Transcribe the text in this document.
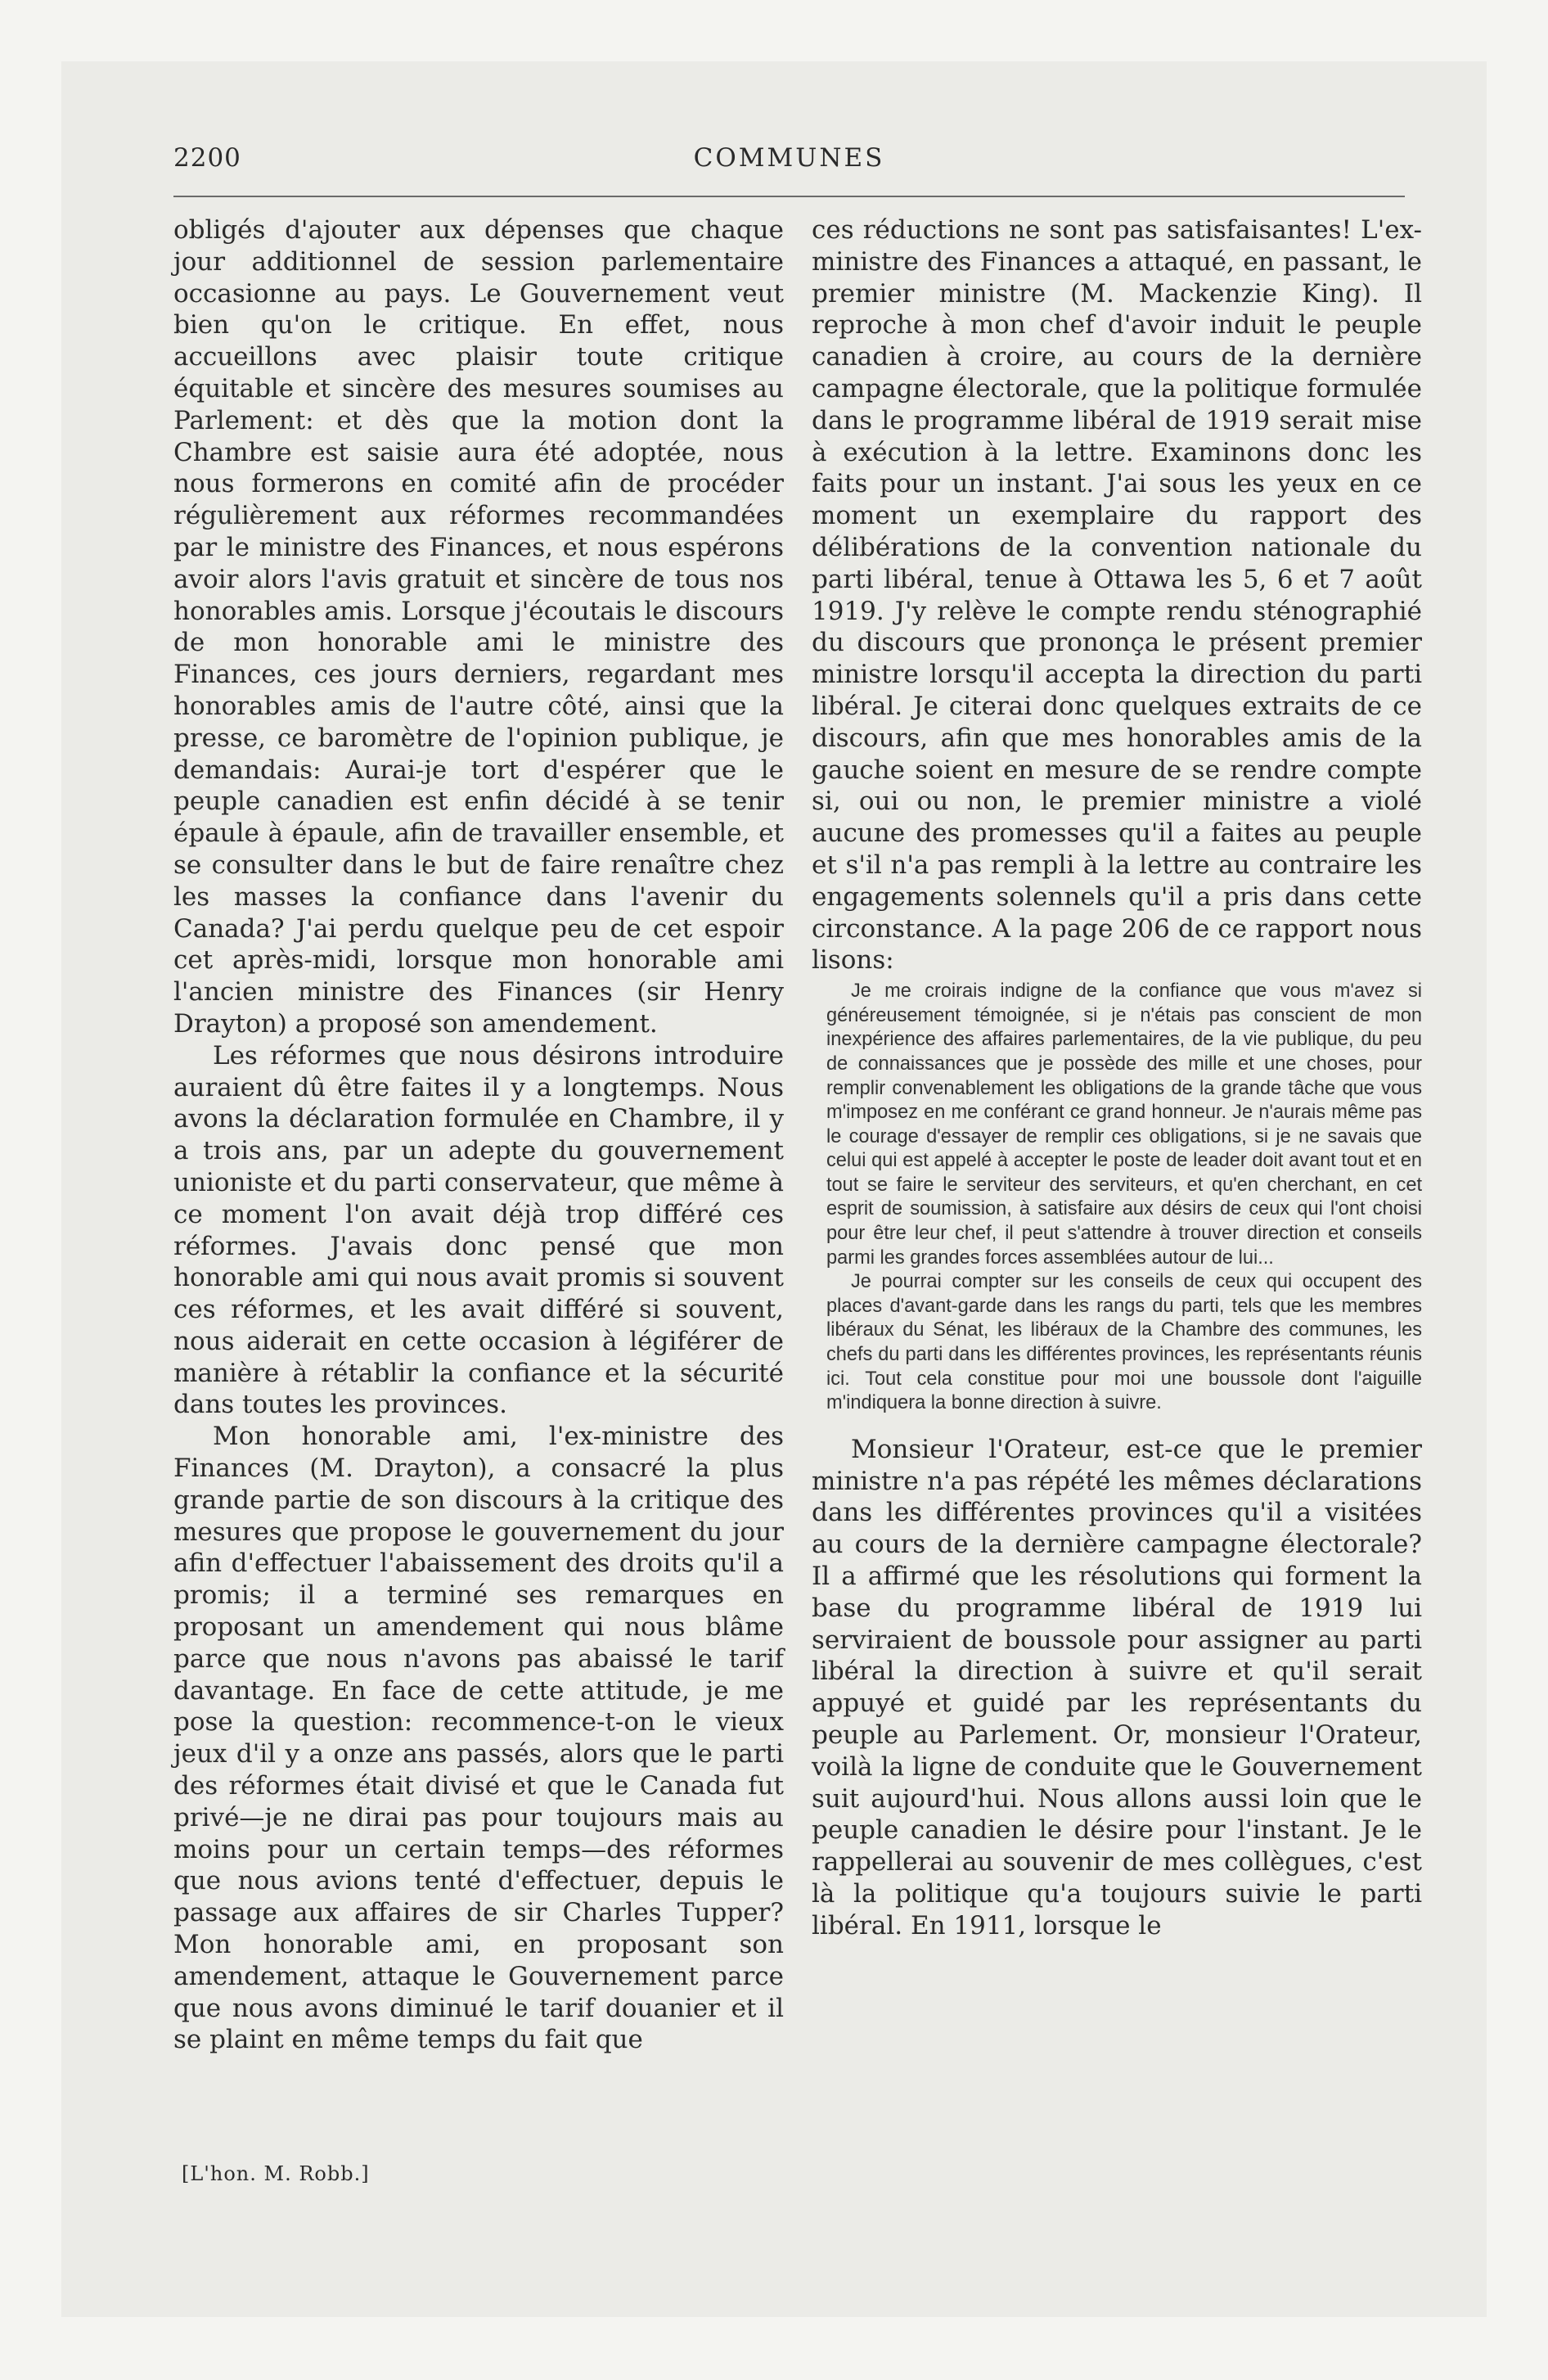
2200	COMMUNES

obligés d'ajouter aux dépenses que chaque jour additionnel de session parlementaire occasionne au pays. Le Gouvernement veut bien qu'on le critique. En effet, nous accueillons avec plaisir toute critique équitable et sincère des mesures soumises au Parlement: et dès que la motion dont la Chambre est saisie aura été adoptée, nous nous formerons en comité afin de procéder régulièrement aux réformes recommandées par le ministre des Finances, et nous espérons avoir alors l'avis gratuit et sincère de tous nos honorables amis. Lorsque j'écoutais le discours de mon honorable ami le ministre des Finances, ces jours derniers, regardant mes honorables amis de l'autre côté, ainsi que la presse, ce baromètre de l'opinion publique, je demandais: Aurai-je tort d'espérer que le peuple canadien est enfin décidé à se tenir épaule à épaule, afin de travailler ensemble, et se consulter dans le but de faire renaître chez les masses la confiance dans l'avenir du Canada? J'ai perdu quelque peu de cet espoir cet après-midi, lorsque mon honorable ami l'ancien ministre des Finances (sir Henry Drayton) a proposé son amendement.

Les réformes que nous désirons introduire auraient dû être faites il y a longtemps. Nous avons la déclaration formulée en Chambre, il y a trois ans, par un adepte du gouvernement unioniste et du parti conservateur, que même à ce moment l'on avait déjà trop différé ces réformes. J'avais donc pensé que mon honorable ami qui nous avait promis si souvent ces réformes, et les avait différé si souvent, nous aiderait en cette occasion à légiférer de manière à rétablir la confiance et la sécurité dans toutes les provinces.

Mon honorable ami, l'ex-ministre des Finances (M. Drayton), a consacré la plus grande partie de son discours à la critique des mesures que propose le gouvernement du jour afin d'effectuer l'abaissement des droits qu'il a promis; il a terminé ses remarques en proposant un amendement qui nous blâme parce que nous n'avons pas abaissé le tarif davantage. En face de cette attitude, je me pose la question: recommence-t-on le vieux jeux d'il y a onze ans passés, alors que le parti des réformes était divisé et que le Canada fut privé—je ne dirai pas pour toujours mais au moins pour un certain temps—des réformes que nous avions tenté d'effectuer, depuis le passage aux affaires de sir Charles Tupper? Mon honorable ami, en proposant son amendement, attaque le Gouvernement parce que nous avons diminué le tarif douanier et il se plaint en même temps du fait que

ces réductions ne sont pas satisfaisantes! L'ex-ministre des Finances a attaqué, en passant, le premier ministre (M. Mackenzie King). Il reproche à mon chef d'avoir induit le peuple canadien à croire, au cours de la dernière campagne électorale, que la politique formulée dans le programme libéral de 1919 serait mise à exécution à la lettre. Examinons donc les faits pour un instant. J'ai sous les yeux en ce moment un exemplaire du rapport des délibérations de la convention nationale du parti libéral, tenue à Ottawa les 5, 6 et 7 août 1919. J'y relève le compte rendu sténographié du discours que prononça le présent premier ministre lorsqu'il accepta la direction du parti libéral. Je citerai donc quelques extraits de ce discours, afin que mes honorables amis de la gauche soient en mesure de se rendre compte si, oui ou non, le premier ministre a violé aucune des promesses qu'il a faites au peuple et s'il n'a pas rempli à la lettre au contraire les engagements solennels qu'il a pris dans cette circonstance. A la page 206 de ce rapport nous lisons:

Je me croirais indigne de la confiance que vous m'avez si généreusement témoignée, si je n'étais pas conscient de mon inexpérience des affaires parlementaires, de la vie publique, du peu de connaissances que je possède des mille et une choses, pour remplir convenablement les obligations de la grande tâche que vous m'imposez en me conférant ce grand honneur. Je n'aurais même pas le courage d'essayer de remplir ces obligations, si je ne savais que celui qui est appelé à accepter le poste de leader doit avant tout et en tout se faire le serviteur des serviteurs, et qu'en cherchant, en cet esprit de soumission, à satisfaire aux désirs de ceux qui l'ont choisi pour être leur chef, il peut s'attendre à trouver direction et conseils parmi les grandes forces assemblées autour de lui...

Je pourrai compter sur les conseils de ceux qui occupent des places d'avant-garde dans les rangs du parti, tels que les membres libéraux du Sénat, les libéraux de la Chambre des communes, les chefs du parti dans les différentes provinces, les représentants réunis ici. Tout cela constitue pour moi une boussole dont l'aiguille m'indiquera la bonne direction à suivre.

Monsieur l'Orateur, est-ce que le premier ministre n'a pas répété les mêmes déclarations dans les différentes provinces qu'il a visitées au cours de la dernière campagne électorale? Il a affirmé que les résolutions qui forment la base du programme libéral de 1919 lui serviraient de boussole pour assigner au parti libéral la direction à suivre et qu'il serait appuyé et guidé par les représentants du peuple au Parlement. Or, monsieur l'Orateur, voilà la ligne de conduite que le Gouvernement suit aujourd'hui. Nous allons aussi loin que le peuple canadien le désire pour l'instant. Je le rappellerai au souvenir de mes collègues, c'est là la politique qu'a toujours suivie le parti libéral. En 1911, lorsque le

[L'hon. M. Robb.]
